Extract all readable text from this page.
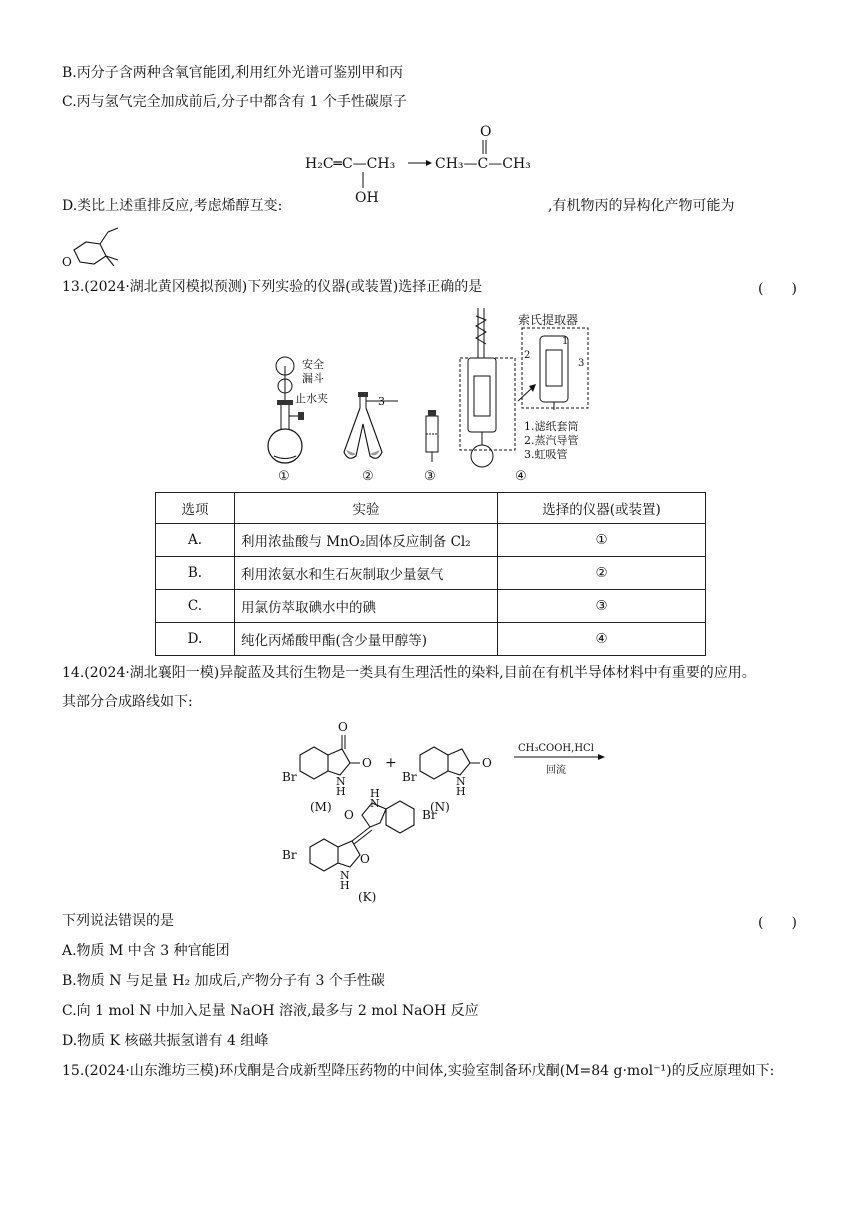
B.丙分子含两种含氧官能团,利用红外光谱可鉴别甲和丙
C.丙与氢气完全加成前后,分子中都含有 1 个手性碳原子
H₂C═C—CH₃
OH
CH₃—C—CH₃
O
D.类比上述重排反应,考虑烯醇互变:	,有机物丙的异构化产物可能为
O
13.(2024·湖北黄冈模拟预测)下列实验的仪器(或装置)选择正确的是	(　　)
安全
漏斗
止水夹	3
索氏提取器
2
1
3
1.滤纸套筒
2.蒸汽导管
3.虹吸管
①	②	③	④
选项	实验	选择的仪器(或装置)
A.	利用浓盐酸与 MnO₂固体反应制备 Cl₂	①
B.	利用浓氨水和生石灰制取少量氨气	②
C.	用氯仿萃取碘水中的碘	③
D.	纯化丙烯酸甲酯(含少量甲醇等)	④
14.(2024·湖北襄阳一模)异靛蓝及其衍生物是一类具有生理活性的染料,目前在有机半导体材料中有重要的应用。
其部分合成路线如下:
O
O
Br	N
H
(M)
+	O
Br	N
H
(N)
CH₃COOH,HCl
回流
O
O
H
N
N
H
Br
Br
(K)
下列说法错误的是	(　　)
A.物质 M 中含 3 种官能团
B.物质 N 与足量 H₂ 加成后,产物分子有 3 个手性碳
C.向 1 mol N 中加入足量 NaOH 溶液,最多与 2 mol NaOH 反应
D.物质 K 核磁共振氢谱有 4 组峰
15.(2024·山东潍坊三模)环戊酮是合成新型降压药物的中间体,实验室制备环戊酮(M=84 g·mol⁻¹)的反应原理如下:
